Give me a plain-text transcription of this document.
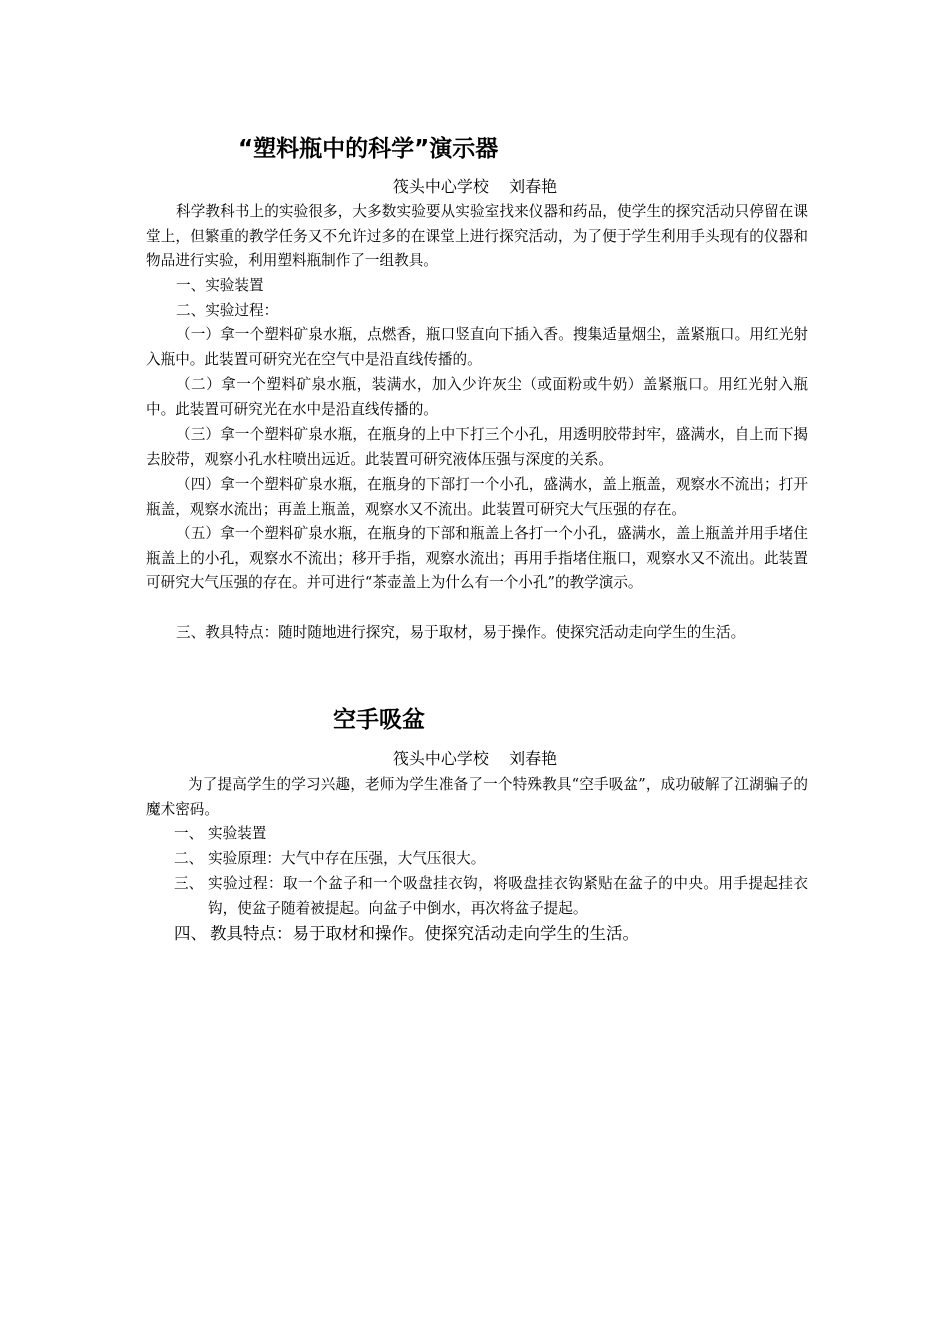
“塑料瓶中的科学”演示器

筏头中心学校    刘春艳

科学教科书上的实验很多，大多数实验要从实验室找来仪器和药品，使学生的探究活动只停留在课堂上，但繁重的教学任务又不允许过多的在课堂上进行探究活动，为了便于学生利用手头现有的仪器和物品进行实验，利用塑料瓶制作了一组教具。

一、实验装置

二、实验过程：

（一）拿一个塑料矿泉水瓶，点燃香，瓶口竖直向下插入香。搜集适量烟尘，盖紧瓶口。用红光射入瓶中。此装置可研究光在空气中是沿直线传播的。

（二）拿一个塑料矿泉水瓶，装满水，加入少许灰尘（或面粉或牛奶）盖紧瓶口。用红光射入瓶中。此装置可研究光在水中是沿直线传播的。

（三）拿一个塑料矿泉水瓶，在瓶身的上中下打三个小孔，用透明胶带封牢，盛满水，自上而下揭去胶带，观察小孔水柱喷出远近。此装置可研究液体压强与深度的关系。

（四）拿一个塑料矿泉水瓶，在瓶身的下部打一个小孔，盛满水，盖上瓶盖，观察水不流出；打开瓶盖，观察水流出；再盖上瓶盖，观察水又不流出。此装置可研究大气压强的存在。

（五）拿一个塑料矿泉水瓶，在瓶身的下部和瓶盖上各打一个小孔，盛满水，盖上瓶盖并用手堵住瓶盖上的小孔，观察水不流出；移开手指，观察水流出；再用手指堵住瓶口，观察水又不流出。此装置可研究大气压强的存在。并可进行“茶壶盖上为什么有一个小孔”的教学演示。

三、教具特点：随时随地进行探究，易于取材，易于操作。使探究活动走向学生的生活。

空手吸盆

筏头中心学校    刘春艳

为了提高学生的学习兴趣，老师为学生准备了一个特殊教具“空手吸盆”，成功破解了江湖骗子的魔术密码。

一、 实验装置
二、 实验原理：大气中存在压强，大气压很大。
三、 实验过程：取一个盆子和一个吸盘挂衣钩，将吸盘挂衣钩紧贴在盆子的中央。用手提起挂衣钩，使盆子随着被提起。向盆子中倒水，再次将盆子提起。
四、 教具特点：易于取材和操作。使探究活动走向学生的生活。
